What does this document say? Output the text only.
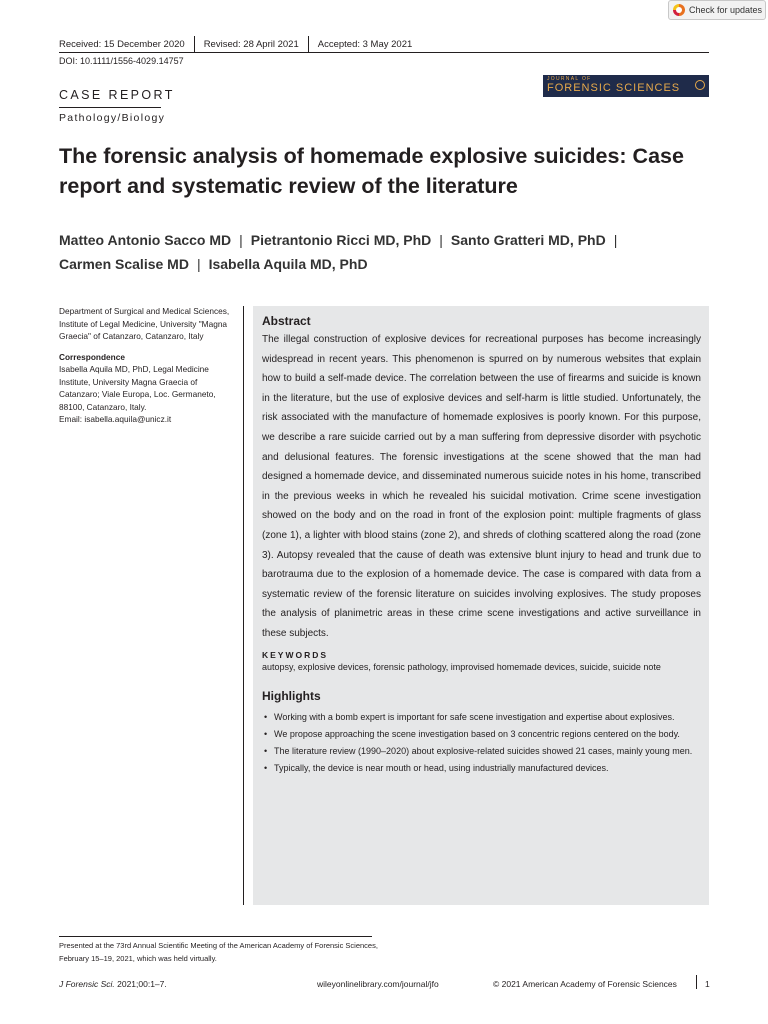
Check for updates
Received: 15 December 2020 Revised: 28 April 2021 Accepted: 3 May 2021
DOI: 10.1111/1556-4029.14757
JOURNAL OF
FORENSIC SCIENCES
CASE REPORT
Pathology/Biology
The forensic analysis of homemade explosive suicides: Case report and systematic review of the literature
Matteo Antonio Sacco MD | Pietrantonio Ricci MD, PhD | Santo Gratteri MD, PhD |
Carmen Scalise MD | Isabella Aquila MD, PhD
Department of Surgical and Medical Sciences, Institute of Legal Medicine, University "Magna Graecia" of Catanzaro, Catanzaro, Italy
Correspondence
Isabella Aquila MD, PhD, Legal Medicine Institute, University Magna Graecia of Catanzaro; Viale Europa, Loc. Germaneto, 88100, Catanzaro, Italy.
Email: isabella.aquila@unicz.it
Abstract
The illegal construction of explosive devices for recreational purposes has become increasingly widespread in recent years. This phenomenon is spurred on by numerous websites that explain how to build a self-made device. The correlation between the use of firearms and suicide is known in the literature, but the use of explosive devices and self-harm is little studied. Unfortunately, the risk associated with the manufacture of homemade explosives is poorly known. For this purpose, we describe a rare suicide carried out by a man suffering from depressive disorder with psychotic and delusional features. The forensic investigations at the scene showed that the man had designed a homemade device, and disseminated numerous suicide notes in his home, transcribed in the previous weeks in which he revealed his suicidal motivation. Crime scene investigation showed on the body and on the road in front of the explosion point: multiple fragments of glass (zone 1), a lighter with blood stains (zone 2), and shreds of clothing scattered along the road (zone 3). Autopsy revealed that the cause of death was extensive blunt injury to head and trunk due to barotrauma due to the explosion of a homemade device. The case is compared with data from a systematic review of the forensic literature on suicides involving explosives. The study proposes the analysis of planimetric areas in these crime scene investigations and active surveillance in these subjects.
KEYWORDS
autopsy, explosive devices, forensic pathology, improvised homemade devices, suicide, suicide note
Highlights
• Working with a bomb expert is important for safe scene investigation and expertise about explosives.
• We propose approaching the scene investigation based on 3 concentric regions centered on the body.
• The literature review (1990–2020) about explosive-related suicides showed 21 cases, mainly young men.
• Typically, the device is near mouth or head, using industrially manufactured devices.
Presented at the 73rd Annual Scientific Meeting of the American Academy of Forensic Sciences, February 15–19, 2021, which was held virtually.
J Forensic Sci. 2021;00:1–7.	wileyonlinelibrary.com/journal/jfo	© 2021 American Academy of Forensic Sciences	1
